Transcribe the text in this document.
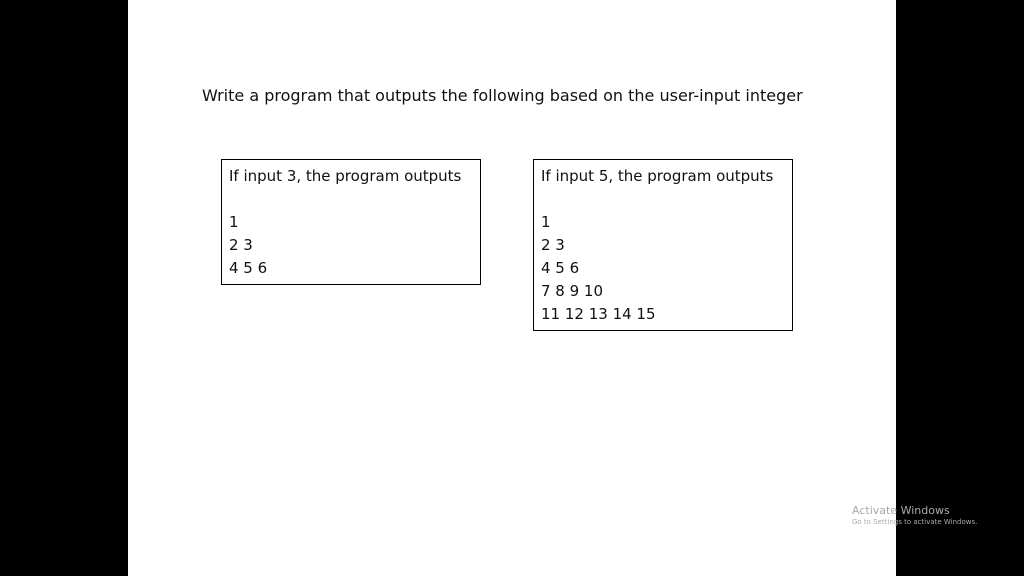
Write a program that outputs the following based on the user-input integer
If input 3, the program outputs
1
2 3
4 5 6
If input 5, the program outputs
1
2 3
4 5 6
7 8 9 10
11 12 13 14 15
Activate Windows
Go to Settings to activate Windows.
